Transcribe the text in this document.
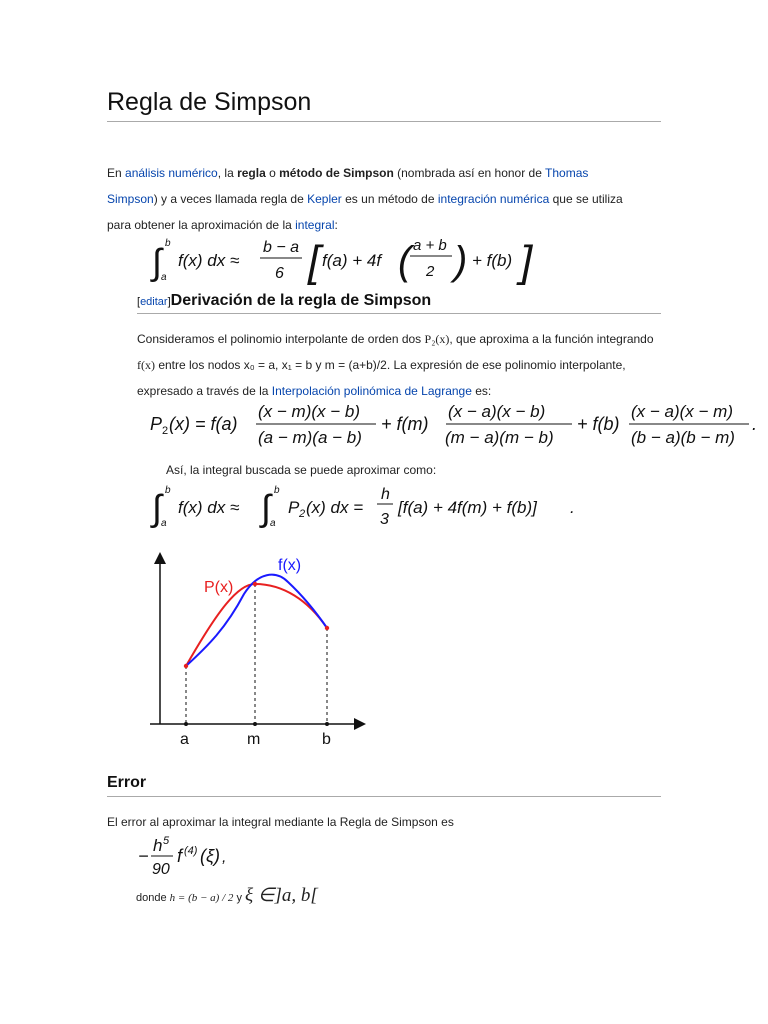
Regla de Simpson

En análisis numérico, la regla o método de Simpson (nombrada así en honor de Thomas Simpson) y a veces llamada regla de Kepler es un método de integración numérica que se utiliza para obtener la aproximación de la integral:

∫ b
a
f(x) dx ≈
b − a
6 [ f(a) + 4f ( a + b
2 ) + f(b) ]
[editar]Derivación de la regla de Simpson

Consideramos el polinomio interpolante de orden dos P₂(x), que aproxima a la función integrando f(x) entre los nodos x₀ = a, x₁ = b y m = (a+b)/2. La expresión de ese polinomio interpolante, expresado a través de la Interpolación polinómica de Lagrange es:

P 2 (x) = f(a)
(x − m)(x − b)
(a − m)(a − b)
+ f(m)
(x − a)(x − b)
(m − a)(m − b)
+ f(b)
(x − a)(x − m)
(b − a)(b − m)
.

Así, la integral buscada se puede aproximar como:

∫ b
a
f(x) dx ≈ ∫ b
a
P 2 (x) dx =
h
3
[f(a) + 4f(m) + f(b)] .
f(x)
P(x)
a	m	b
Error

El error al aproximar la integral mediante la Regla de Simpson es

−
h 5
90
f (4) (ξ) ,
donde h = (b − a) / 2 y ξ ∈]a, b[
